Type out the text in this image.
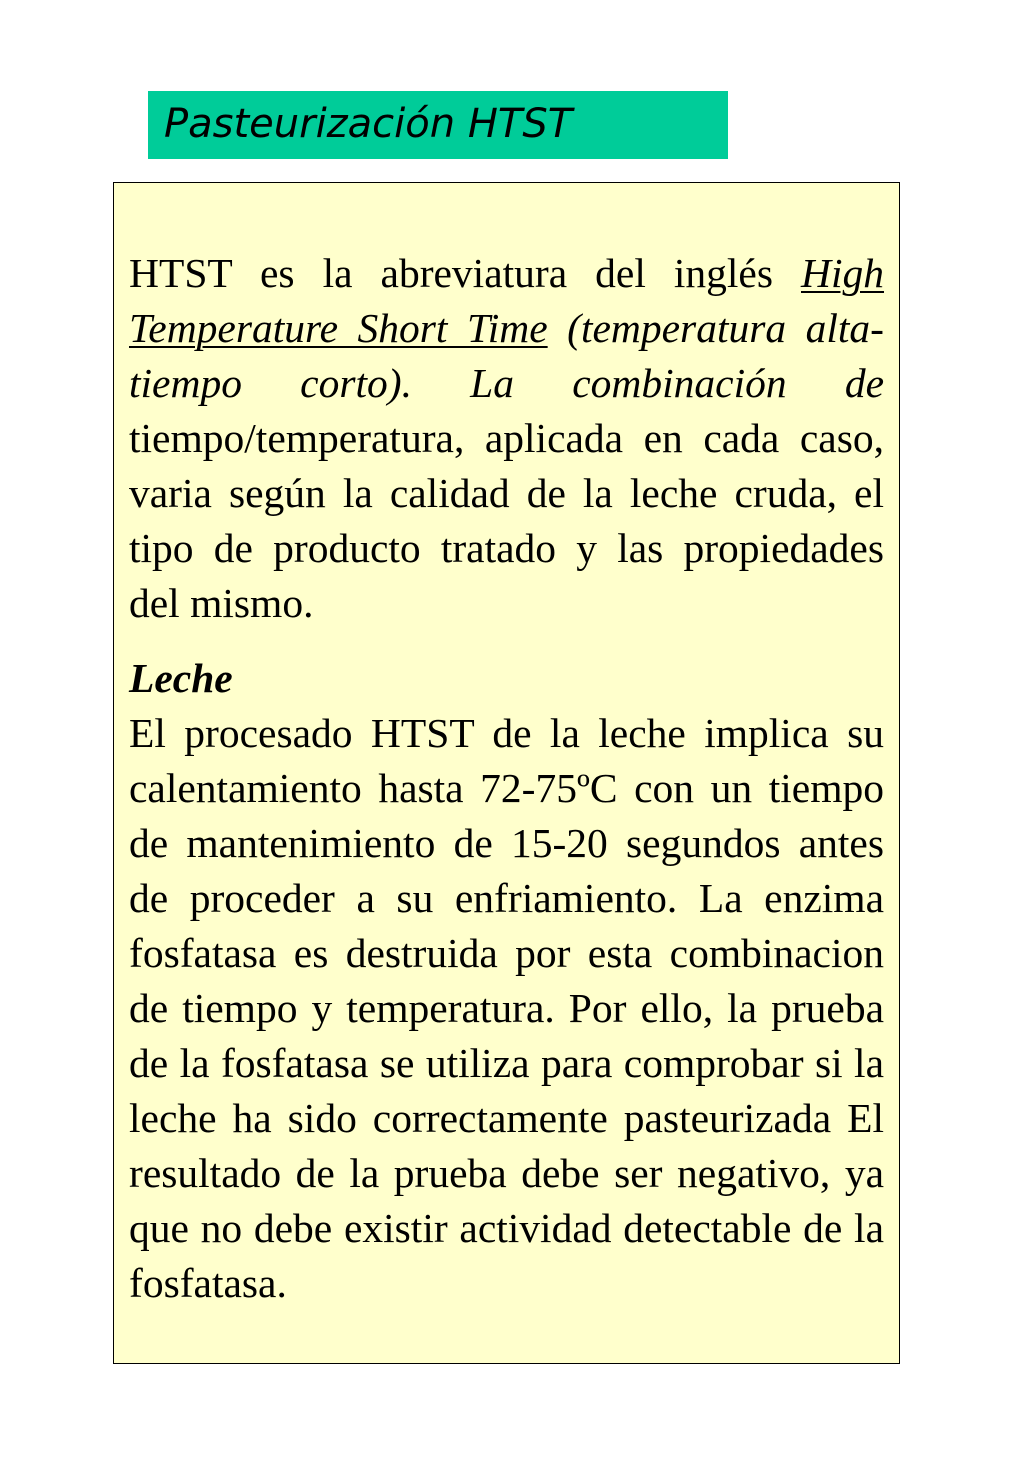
Pasteurización HTST

HTST es la abreviatura del inglés High Temperature Short Time (temperatura alta-tiempo corto). La combinación de tiempo/temperatura, aplicada en cada caso, varia según la calidad de la leche cruda, el tipo de producto tratado y las propiedades del mismo.

Leche

El procesado HTST de la leche implica su calentamiento hasta 72-75ºC con un tiempo de mantenimiento de 15-20 segundos antes de proceder a su enfriamiento. La enzima fosfatasa es destruida por esta combinacion de tiempo y temperatura. Por ello, la prueba de la fosfatasa se utiliza para comprobar si la leche ha sido correctamente pasteurizada El resultado de la prueba debe ser negativo, ya que no debe existir actividad detectable de la fosfatasa.
